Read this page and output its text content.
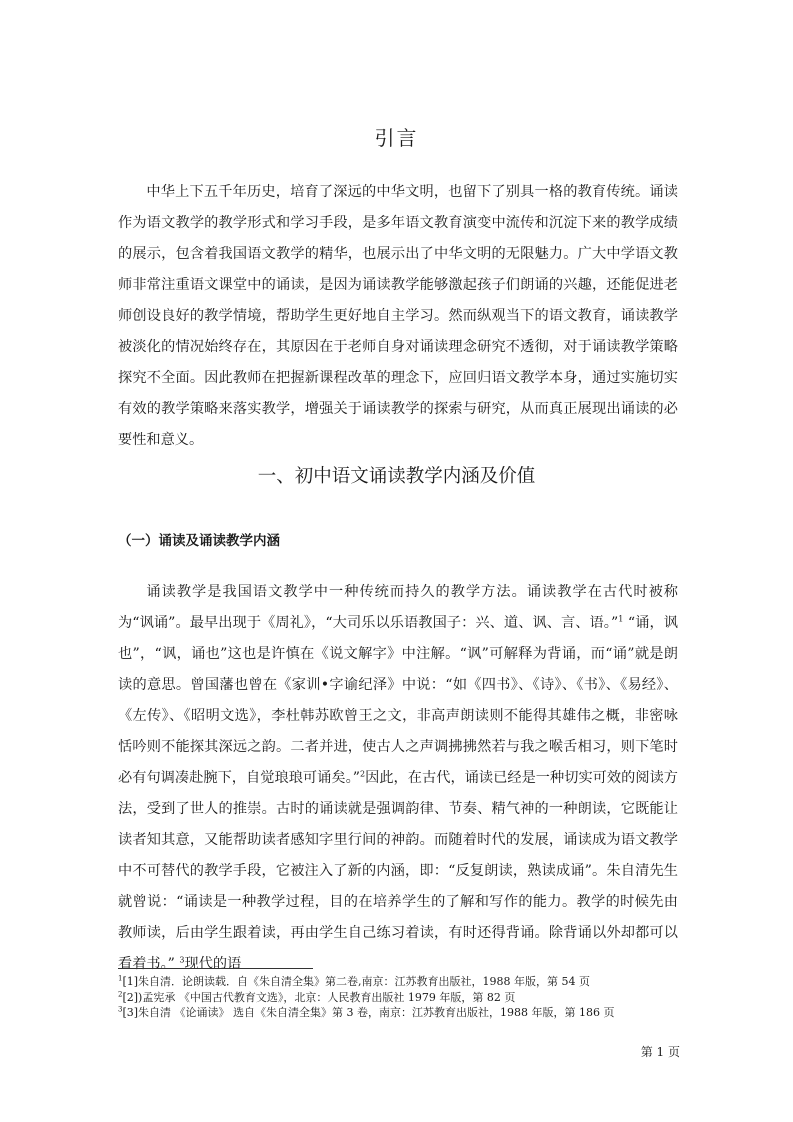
引言

中华上下五千年历史，培育了深远的中华文明，也留下了别具一格的教育传统。诵读作为语文教学的教学形式和学习手段，是多年语文教育演变中流传和沉淀下来的教学成绩的展示，包含着我国语文教学的精华，也展示出了中华文明的无限魅力。广大中学语文教师非常注重语文课堂中的诵读，是因为诵读教学能够激起孩子们朗诵的兴趣，还能促进老师创设良好的教学情境，帮助学生更好地自主学习。然而纵观当下的语文教育，诵读教学被淡化的情况始终存在，其原因在于老师自身对诵读理念研究不透彻，对于诵读教学策略探究不全面。因此教师在把握新课程改革的理念下，应回归语文教学本身，通过实施切实有效的教学策略来落实教学，增强关于诵读教学的探索与研究，从而真正展现出诵读的必要性和意义。

一、初中语文诵读教学内涵及价值
（一）诵读及诵读教学内涵

诵读教学是我国语文教学中一种传统而持久的教学方法。诵读教学在古代时被称为“讽诵”。最早出现于《周礼》，“大司乐以乐语教国子：兴、道、讽、言、语。”$^1$ “诵，讽也”，“讽，诵也”这也是许慎在《说文解字》中注解。“讽”可解释为背诵，而“诵”就是朗读的意思。曾国藩也曾在《家训•字谕纪泽》中说：“如《四书》、《诗》、《书》、《易经》、《左传》、《昭明文选》，李杜韩苏欧曾王之文，非高声朗读则不能得其雄伟之概，非密咏恬吟则不能探其深远之韵。二者并进，使古人之声调拂拂然若与我之喉舌相习，则下笔时必有句调凑赴腕下，自觉琅琅可诵矣。”$^2$因此，在古代，诵读已经是一种切实可效的阅读方法，受到了世人的推崇。古时的诵读就是强调韵律、节奏、精气神的一种朗读，它既能让读者知其意，又能帮助读者感知字里行间的神韵。而随着时代的发展，诵读成为语文教学中不可替代的教学手段，它被注入了新的内涵，即：“反复朗读，熟读成诵”。朱自清先生就曾说：“诵读是一种教学过程，目的在培养学生的了解和写作的能力。教学的时候先由教师读，后由学生跟着读，再由学生自己练习着读，有时还得背诵。除背诵以外却都可以看着书。” $^3$现代的语

$^1$[1]朱自清．论朗读载．自《朱自清全集》第二卷,南京：江苏教育出版社，1988 年版，第 54 页
$^2$[2])孟宪承 《中国古代教育文选》，北京：人民教育出版社 1979 年版，第 82 页
$^3$[3]朱自清 《论诵读》 选自《朱自清全集》第 3 卷，南京：江苏教育出版社，1988 年版，第 186 页
第 1 页
